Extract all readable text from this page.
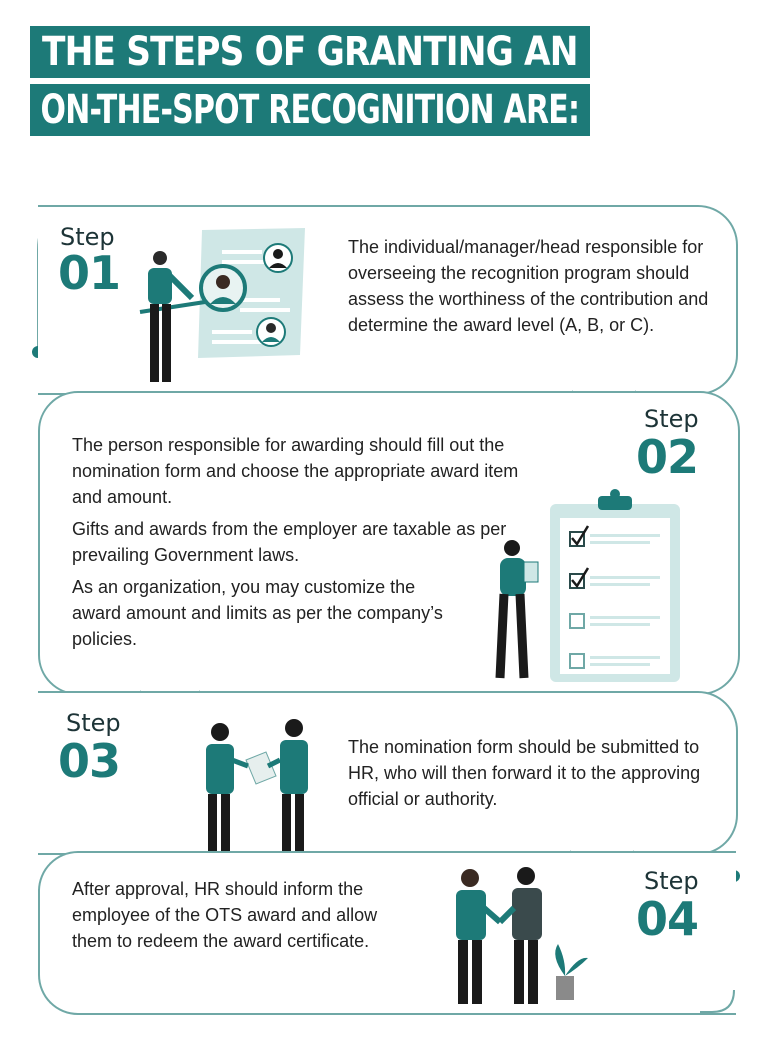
THE STEPS OF GRANTING AN
ON-THE-SPOT RECOGNITION ARE:
Step
01	The individual/manager/head responsible for overseeing the recognition program should assess the worthiness of the contribution and determine the award level (A, B, or C).

Step
02

The person responsible for awarding should fill out the nomination form and choose the appropriate award item and amount.

Gifts and awards from the employer are taxable as per prevailing Government laws.

As an organization, you may customize the award amount and limits as per the company’s policies.

Step
03	The nomination form should be submitted to HR, who will then forward it to the approving official or authority.

Step
04

After approval, HR should inform the employee of the OTS award and allow them to redeem the award certificate.
